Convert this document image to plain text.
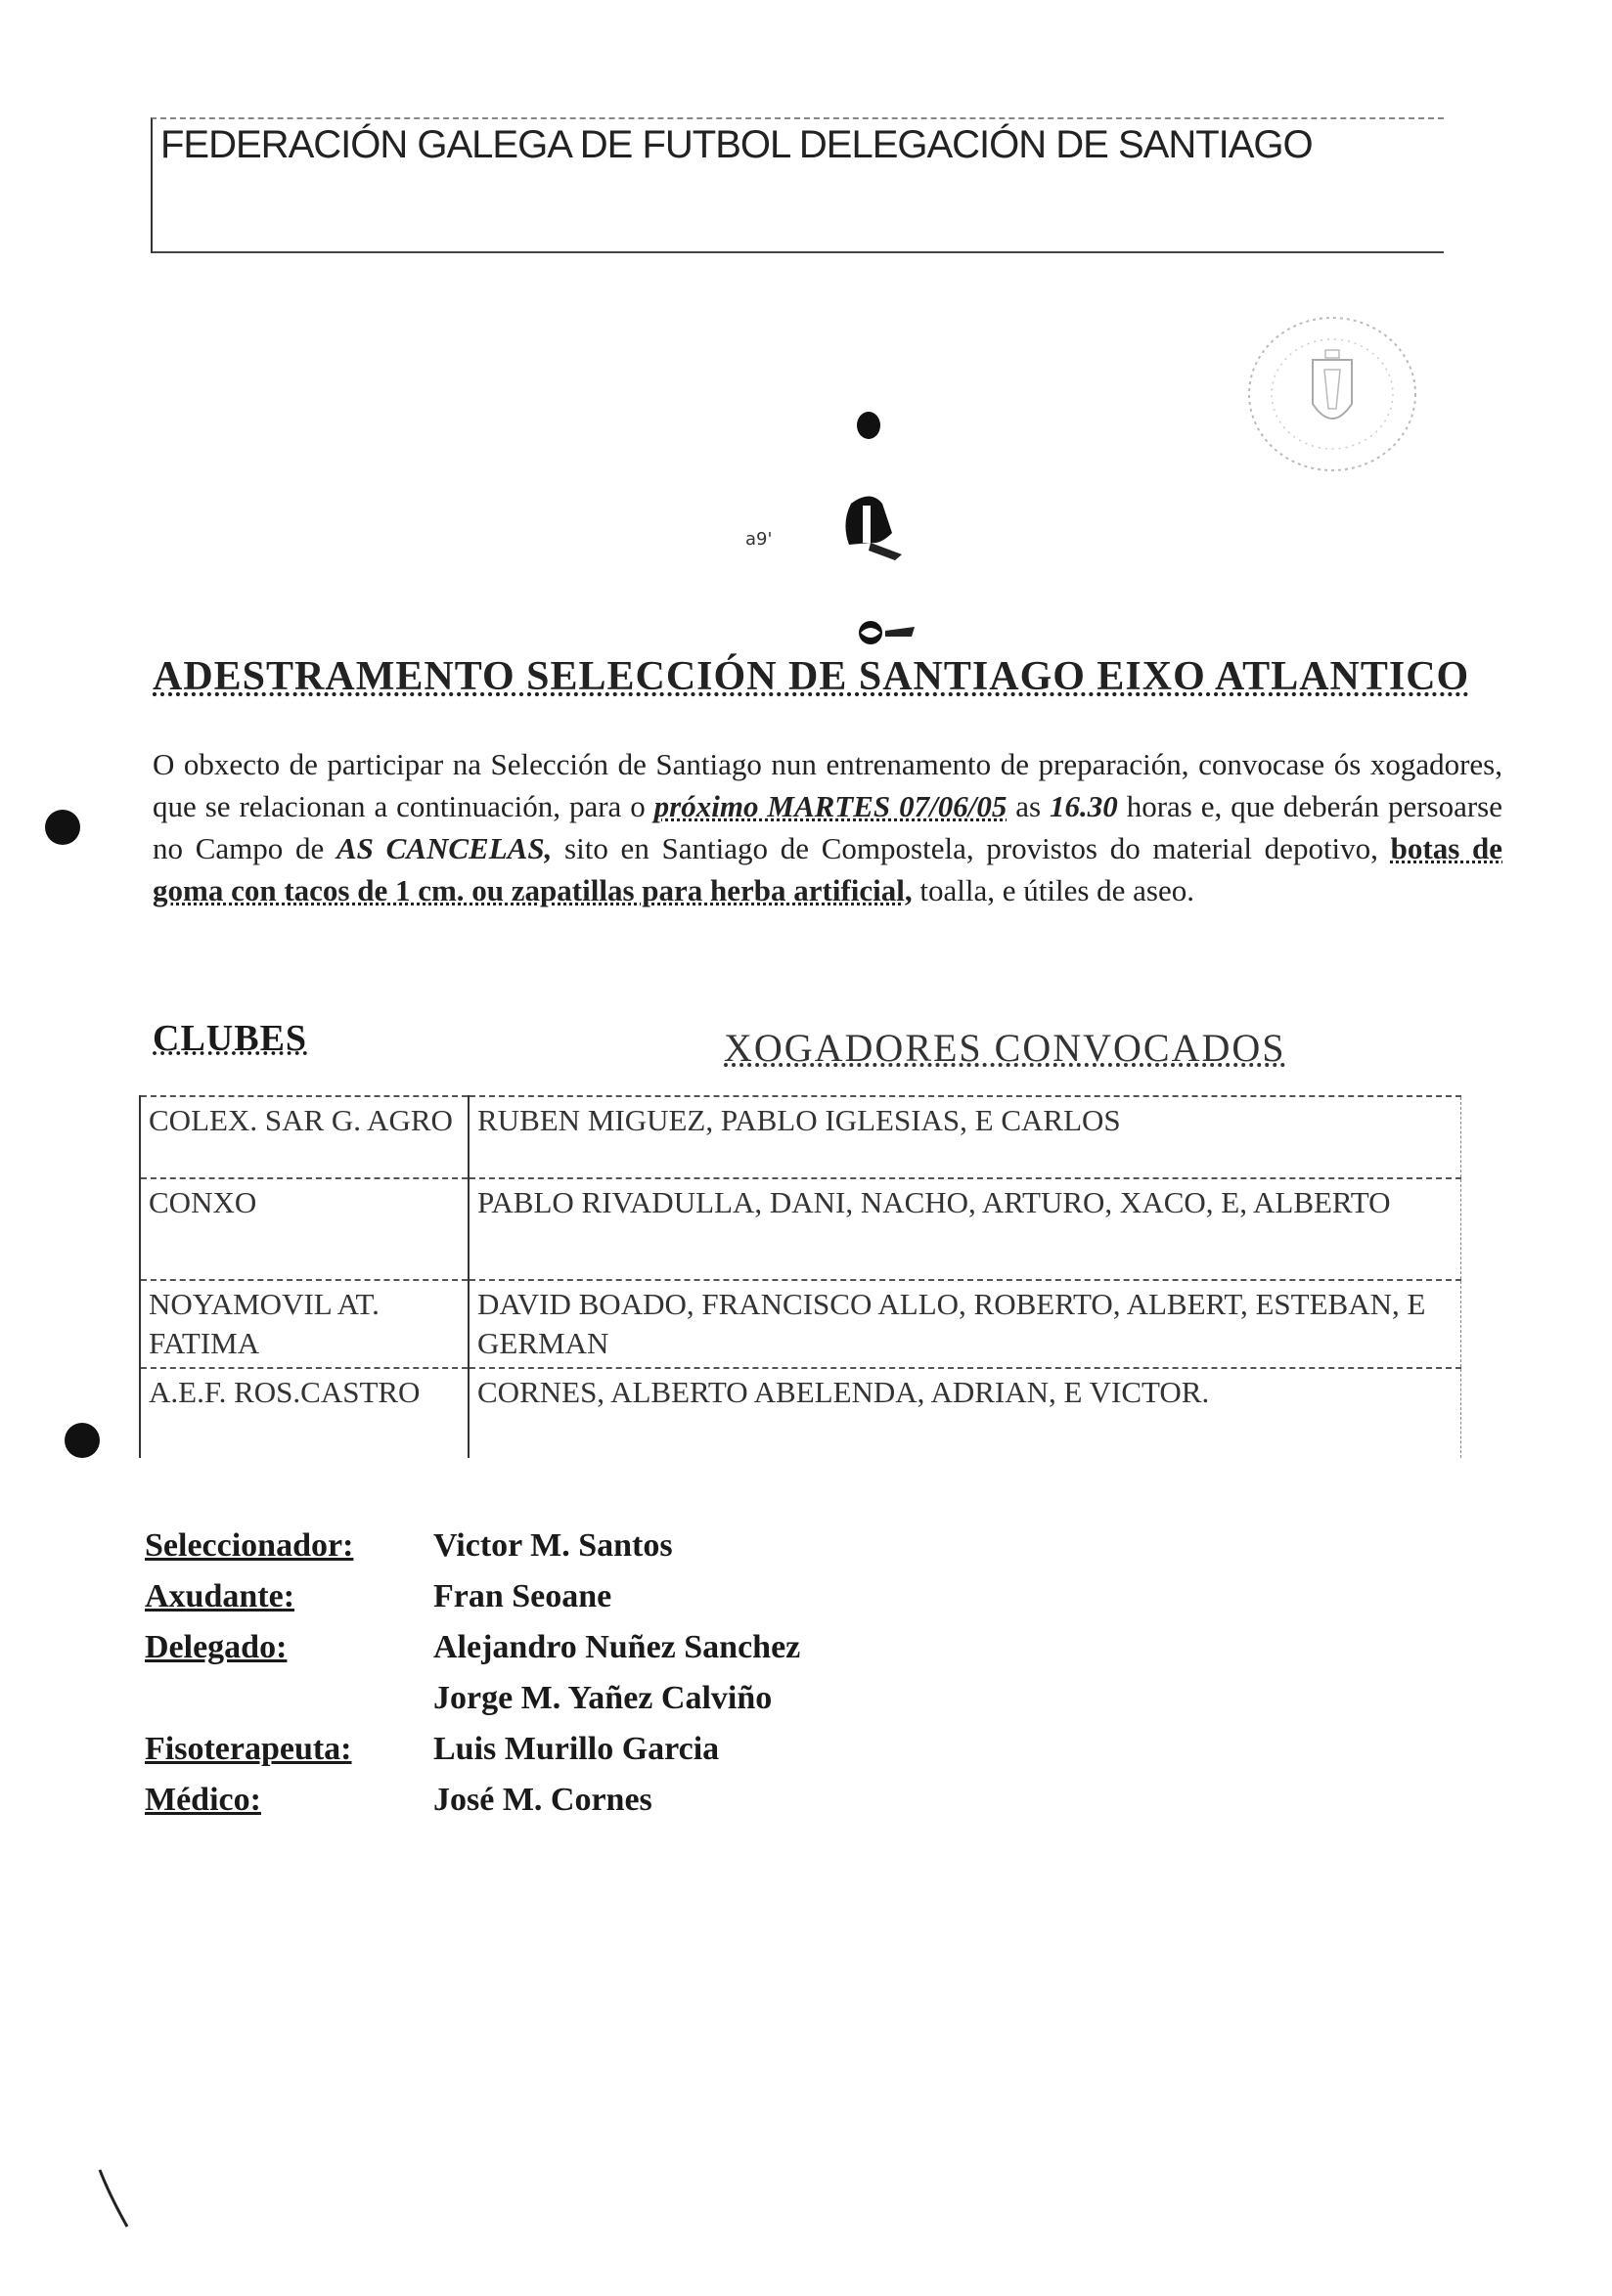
FEDERACIÓN GALEGA DE FUTBOL DELEGACIÓN DE SANTIAGO
a9'
ADESTRAMENTO SELECCIÓN DE SANTIAGO EIXO ATLANTICO
O obxecto de participar na Selección de Santiago nun entrenamento de preparación, convocase ós xogadores, que se relacionan a continuación, para o próximo MARTES 07/06/05 as 16.30 horas e, que deberán persoarse no Campo de AS CANCELAS, sito en Santiago de Compostela, provistos do material depotivo, botas de goma con tacos de 1 cm. ou zapatillas para herba artificial, toalla, e útiles de aseo.
CLUBES	XOGADORES CONVOCADOS
COLEX. SAR G. AGRO	RUBEN MIGUEZ, PABLO IGLESIAS, E CARLOS
CONXO	PABLO RIVADULLA, DANI, NACHO, ARTURO, XACO, E, ALBERTO
NOYAMOVIL AT. FATIMA	DAVID BOADO, FRANCISCO ALLO, ROBERTO, ALBERT, ESTEBAN, E GERMAN
A.E.F. ROS.CASTRO	CORNES, ALBERTO ABELENDA, ADRIAN, E VICTOR.
Seleccionador:	Victor M. Santos
Axudante:	Fran Seoane
Delegado:	Alejandro Nuñez Sanchez
Jorge M. Yañez Calviño
Fisoterapeuta:	Luis Murillo Garcia
Médico:	José M. Cornes
